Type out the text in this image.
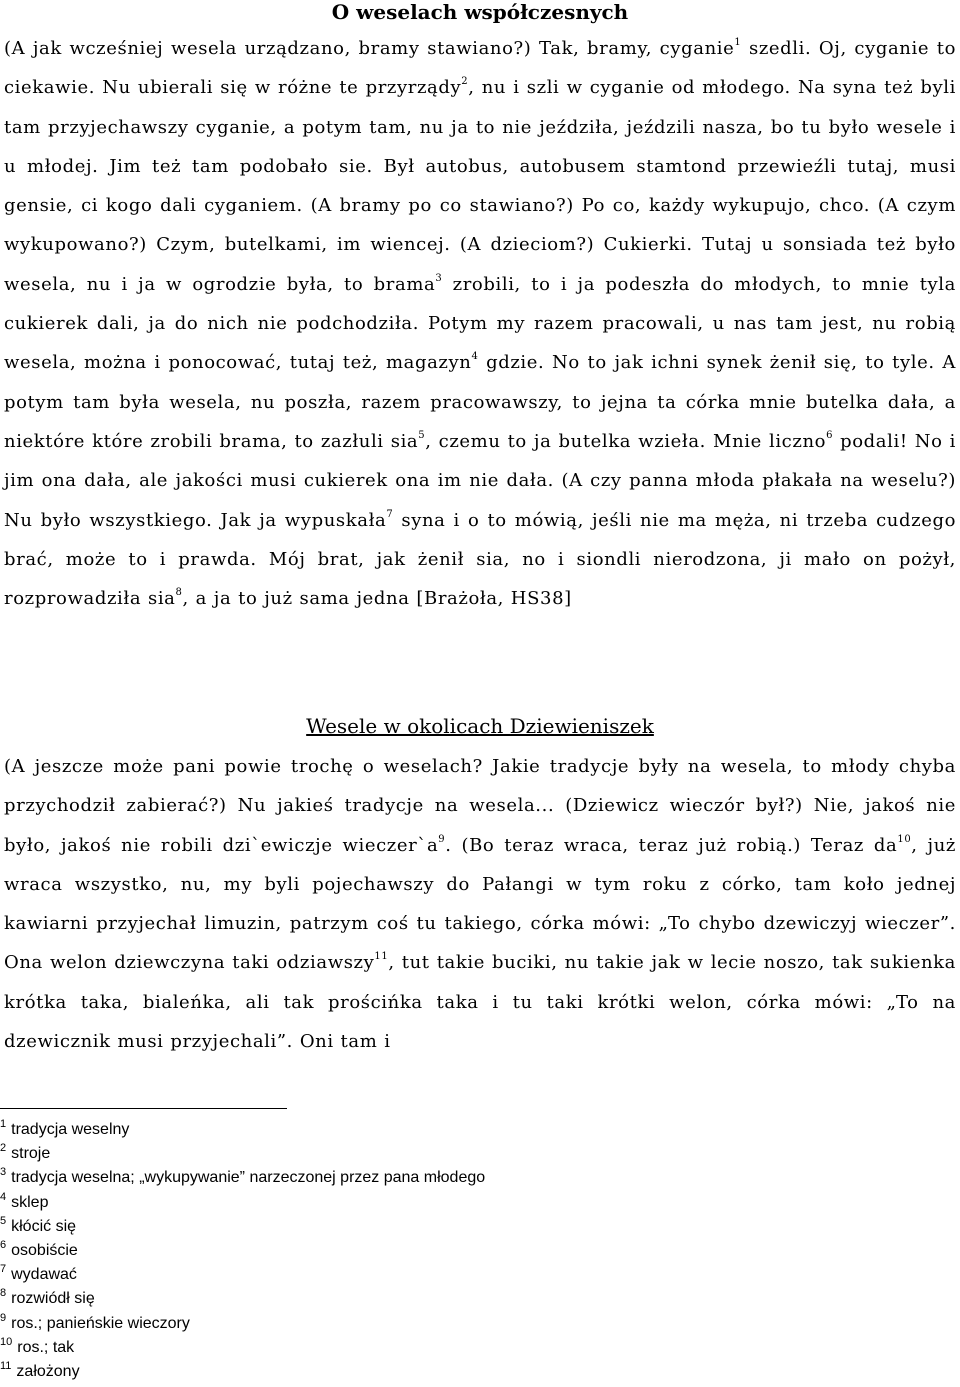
O weselach współczesnych
(A jak wcześniej wesela urządzano, bramy stawiano?) Tak, bramy, cyganie$^1$ szedli. Oj, cyganie to ciekawie. Nu ubierali się w różne te przyrządy$^2$, nu i szli w cyganie od młodego. Na syna też byli tam przyjechawszy cyganie, a potym tam, nu ja to nie jeździła, jeździli nasza, bo tu było wesele i u młodej. Jim też tam podobało sie. Był autobus, autobusem stamtond przewieźli tutaj, musi gensie, ci kogo dali cyganiem. (A bramy po co stawiano?) Po co, każdy wykupujo, chco. (A czym wykupowano?) Czym, butelkami, im wiencej. (A dzieciom?) Cukierki. Tutaj u sonsiada też było wesela, nu i ja w ogrodzie była, to brama$^3$ zrobili, to i ja podeszła do młodych, to mnie tyla cukierek dali, ja do nich nie podchodziła. Potym my razem pracowali, u nas tam jest, nu robią wesela, można i ponocować, tutaj też, magazyn$^4$ gdzie. No to jak ichni synek żenił się, to tyle. A potym tam była wesela, nu poszła, razem pracowawszy, to jejna ta córka mnie butelka dała, a niektóre które zrobili brama, to zazłuli sia$^5$, czemu to ja butelka wzieła. Mnie liczno$^6$ podali! No i jim ona dała, ale jakości musi cukierek ona im nie dała. (A czy panna młoda płakała na weselu?) Nu było wszystkiego. Jak ja wypuskała$^7$ syna i o to mówią, jeśli nie ma męża, ni trzeba cudzego brać, może to i prawda. Mój brat, jak żenił sia, no i siondli nierodzona, ji mało on pożył, rozprowadziła sia$^8$, a ja to już sama jedna [Brażoła, HS38]
Wesele w okolicach Dziewieniszek
(A jeszcze może pani powie trochę o weselach? Jakie tradycje były na wesela, to młody chyba przychodził zabierać?) Nu jakieś tradycje na wesela... (Dziewicz wieczór był?) Nie, jakoś nie było, jakoś nie robili dzi`ewiczje $wieczer`a^9$. (Bo teraz wraca, teraz już robią.) Teraz $da^{10}$, już wraca wszystko, nu, my byli pojechawszy do Pałangi w tym roku z córko, tam koło jednej kawiarni przyjechał limuzin, patrzym coś tu takiego, córka mówi: „To chybo dzewiczyj wieczer”. Ona welon dziewczyna taki odziawszy$^{11}$, tut takie buciki, nu takie jak w lecie noszo, tak sukienka krótka taka, bialeńka, ali tak prościńka taka i tu taki krótki welon, córka mówi: „To na dzewicznik musi przyjechali”. Oni tam i
$^1$ tradycja weselny
$^2$ stroje
$^3$ tradycja weselna; „wykupywanie” narzeczonej przez pana młodego
$^4$ sklep
$^5$ kłócić się
$^6$ osobiście
$^7$ wydawać
$^8$ rozwiódł się
$^9$ ros.; panieńskie wieczory
$^{10}$ ros.; tak
$^{11}$ założony
